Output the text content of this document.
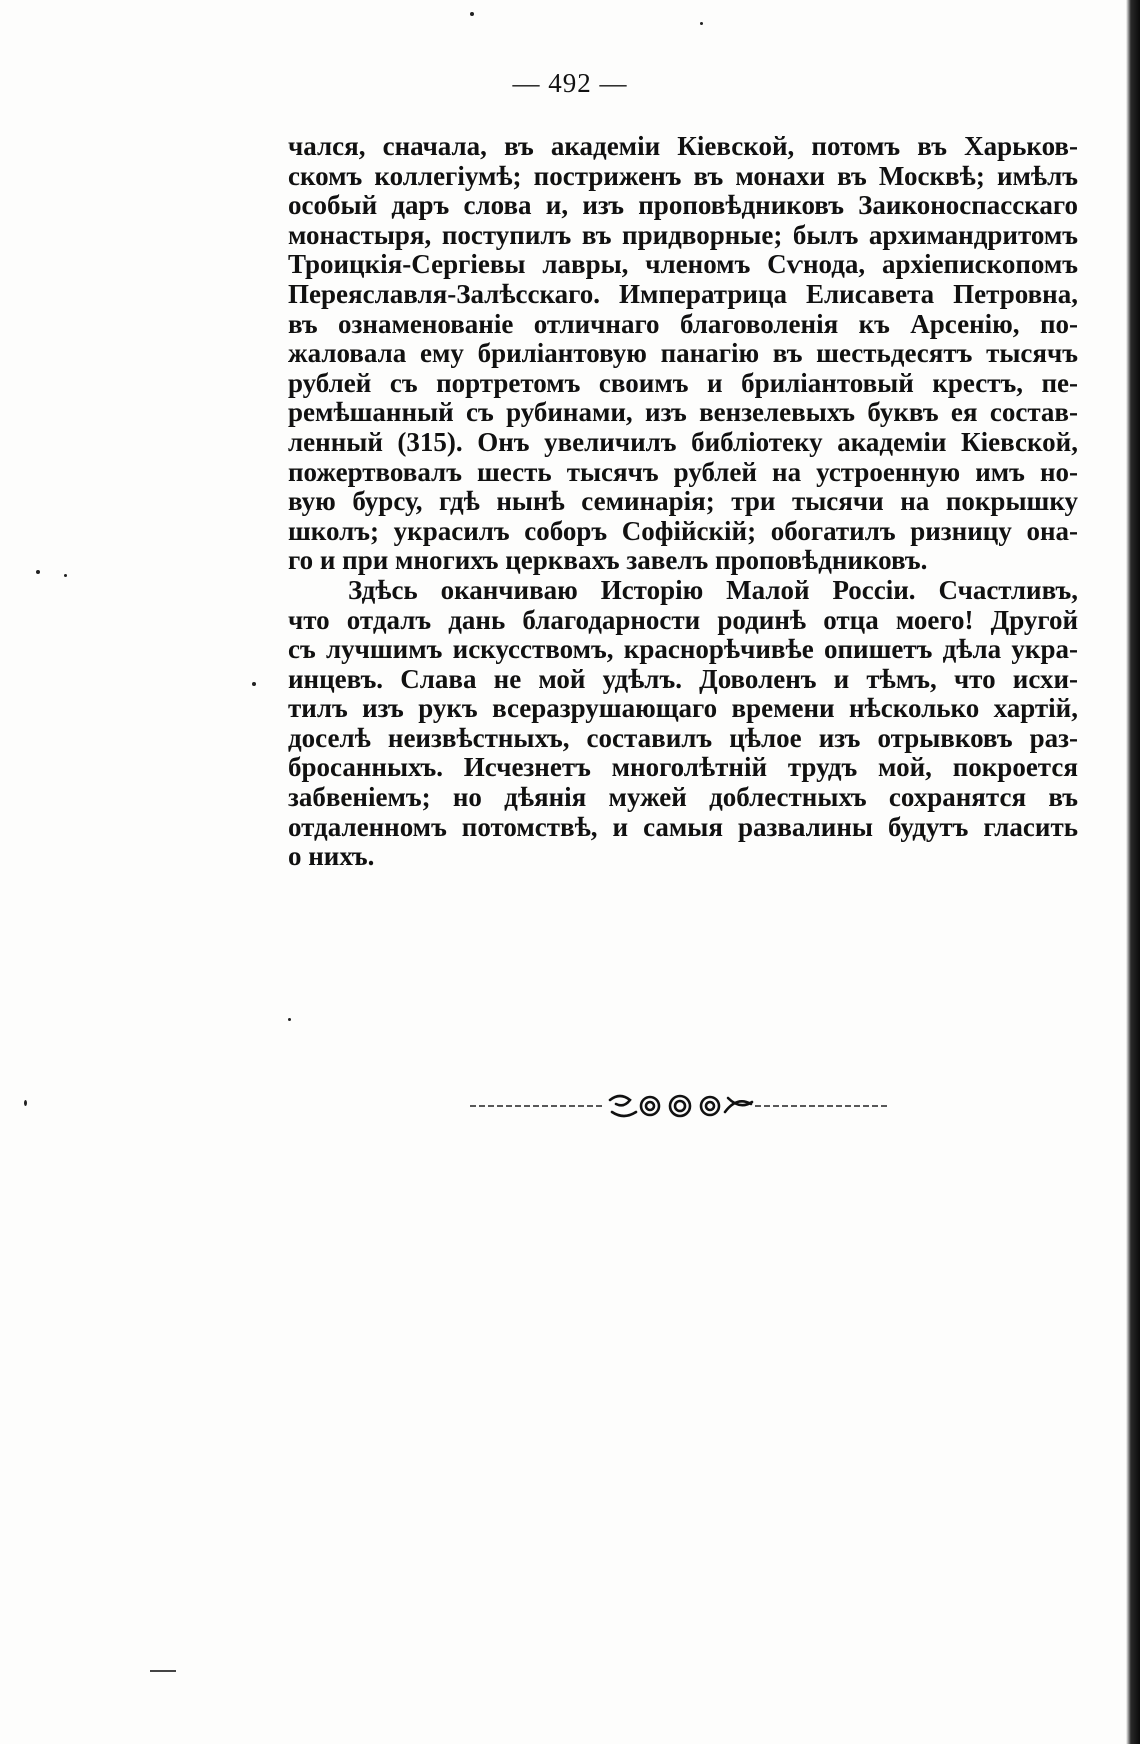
— 492 —

чался, сначала, въ академіи Кіевской, потомъ въ Харьков-
скомъ коллегіумѣ; постриженъ въ монахи въ Москвѣ; имѣлъ
особый даръ слова и, изъ проповѣдниковъ Заиконоспасскаго
монастыря, поступилъ въ придворные; былъ архимандритомъ
Троицкія-Сергіевы лавры, членомъ Сѵнода, архіепископомъ
Переяславля-Залѣсскаго. Императрица Елисавета Петровна,
въ ознаменованіе отличнаго благоволенія къ Арсенію, по-
жаловала ему бриліантовую панагію въ шестьдесятъ тысячъ
рублей съ портретомъ своимъ и бриліантовый крестъ, пе-
ремѣшанный съ рубинами, изъ вензелевыхъ буквъ ея состав-
ленный (315). Онъ увеличилъ библіотеку академіи Кіевской,
пожертвовалъ шесть тысячъ рублей на устроенную имъ но-
вую бурсу, гдѣ нынѣ семинарія; три тысячи на покрышку
школъ; украсилъ соборъ Софійскій; обогатилъ ризницу она-
го и при многихъ церквахъ завелъ проповѣдниковъ.

Здѣсь оканчиваю Исторію Малой Россіи. Счастливъ,
что отдалъ дань благодарности родинѣ отца моего! Другой
съ лучшимъ искусствомъ, краснорѣчивѣе опишетъ дѣла укра-
инцевъ. Слава не мой удѣлъ. Доволенъ и тѣмъ, что исхи-
тилъ изъ рукъ всеразрушающаго времени нѣсколько хартій,
доселѣ неизвѣстныхъ, составилъ цѣлое изъ отрывковъ раз-
бросанныхъ. Исчезнетъ многолѣтній трудъ мой, покроется
забвеніемъ; но дѣянія мужей доблестныхъ сохранятся въ
отдаленномъ потомствѣ, и самыя развалины будутъ гласить
о нихъ.
